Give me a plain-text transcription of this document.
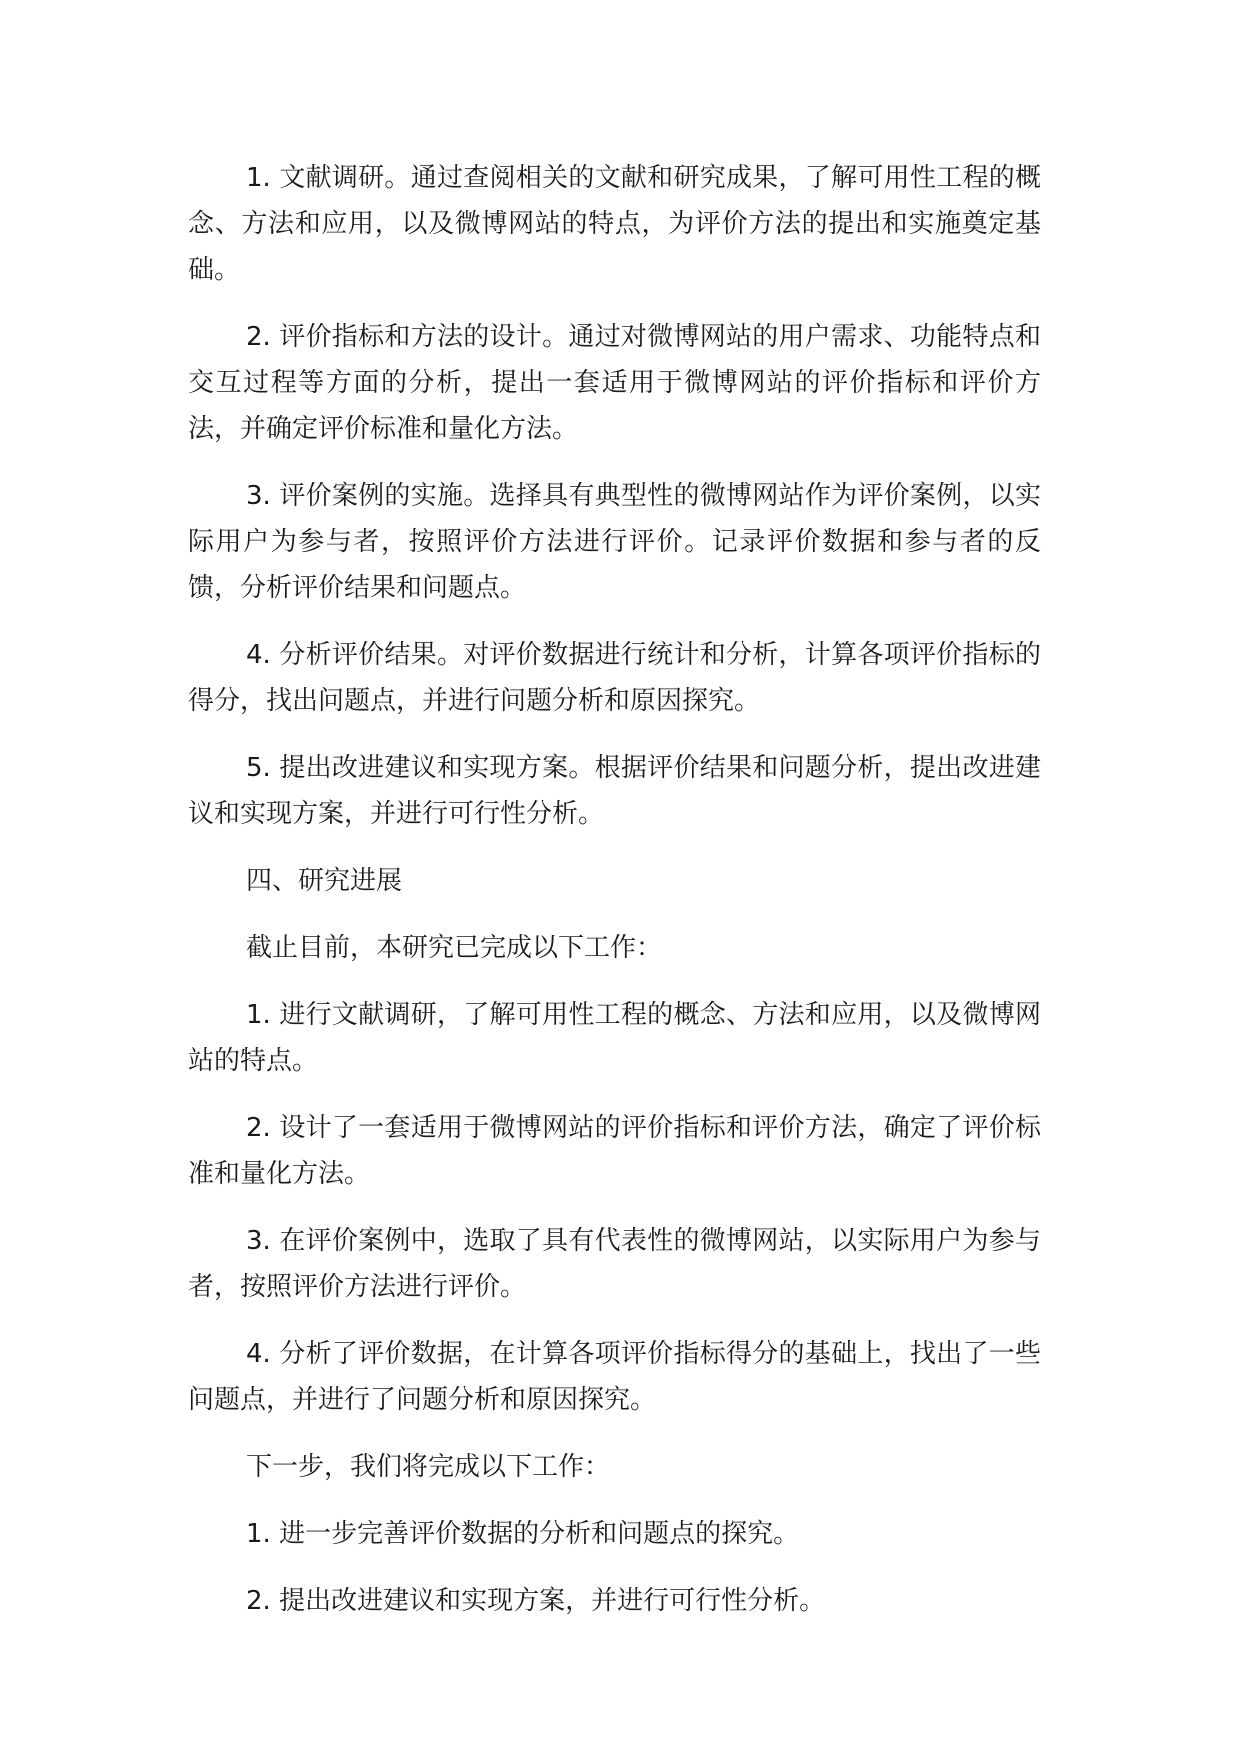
1. 文献调研。通过查阅相关的文献和研究成果，了解可用性工程的概念、方法和应用，以及微博网站的特点，为评价方法的提出和实施奠定基础。

2. 评价指标和方法的设计。通过对微博网站的用户需求、功能特点和交互过程等方面的分析，提出一套适用于微博网站的评价指标和评价方法，并确定评价标准和量化方法。

3. 评价案例的实施。选择具有典型性的微博网站作为评价案例，以实际用户为参与者，按照评价方法进行评价。记录评价数据和参与者的反馈，分析评价结果和问题点。

4. 分析评价结果。对评价数据进行统计和分析，计算各项评价指标的得分，找出问题点，并进行问题分析和原因探究。

5. 提出改进建议和实现方案。根据评价结果和问题分析，提出改进建议和实现方案，并进行可行性分析。

四、研究进展

截止目前，本研究已完成以下工作：

1. 进行文献调研，了解可用性工程的概念、方法和应用，以及微博网站的特点。

2. 设计了一套适用于微博网站的评价指标和评价方法，确定了评价标准和量化方法。

3. 在评价案例中，选取了具有代表性的微博网站，以实际用户为参与者，按照评价方法进行评价。

4. 分析了评价数据，在计算各项评价指标得分的基础上，找出了一些问题点，并进行了问题分析和原因探究。

下一步，我们将完成以下工作：

1. 进一步完善评价数据的分析和问题点的探究。

2. 提出改进建议和实现方案，并进行可行性分析。
